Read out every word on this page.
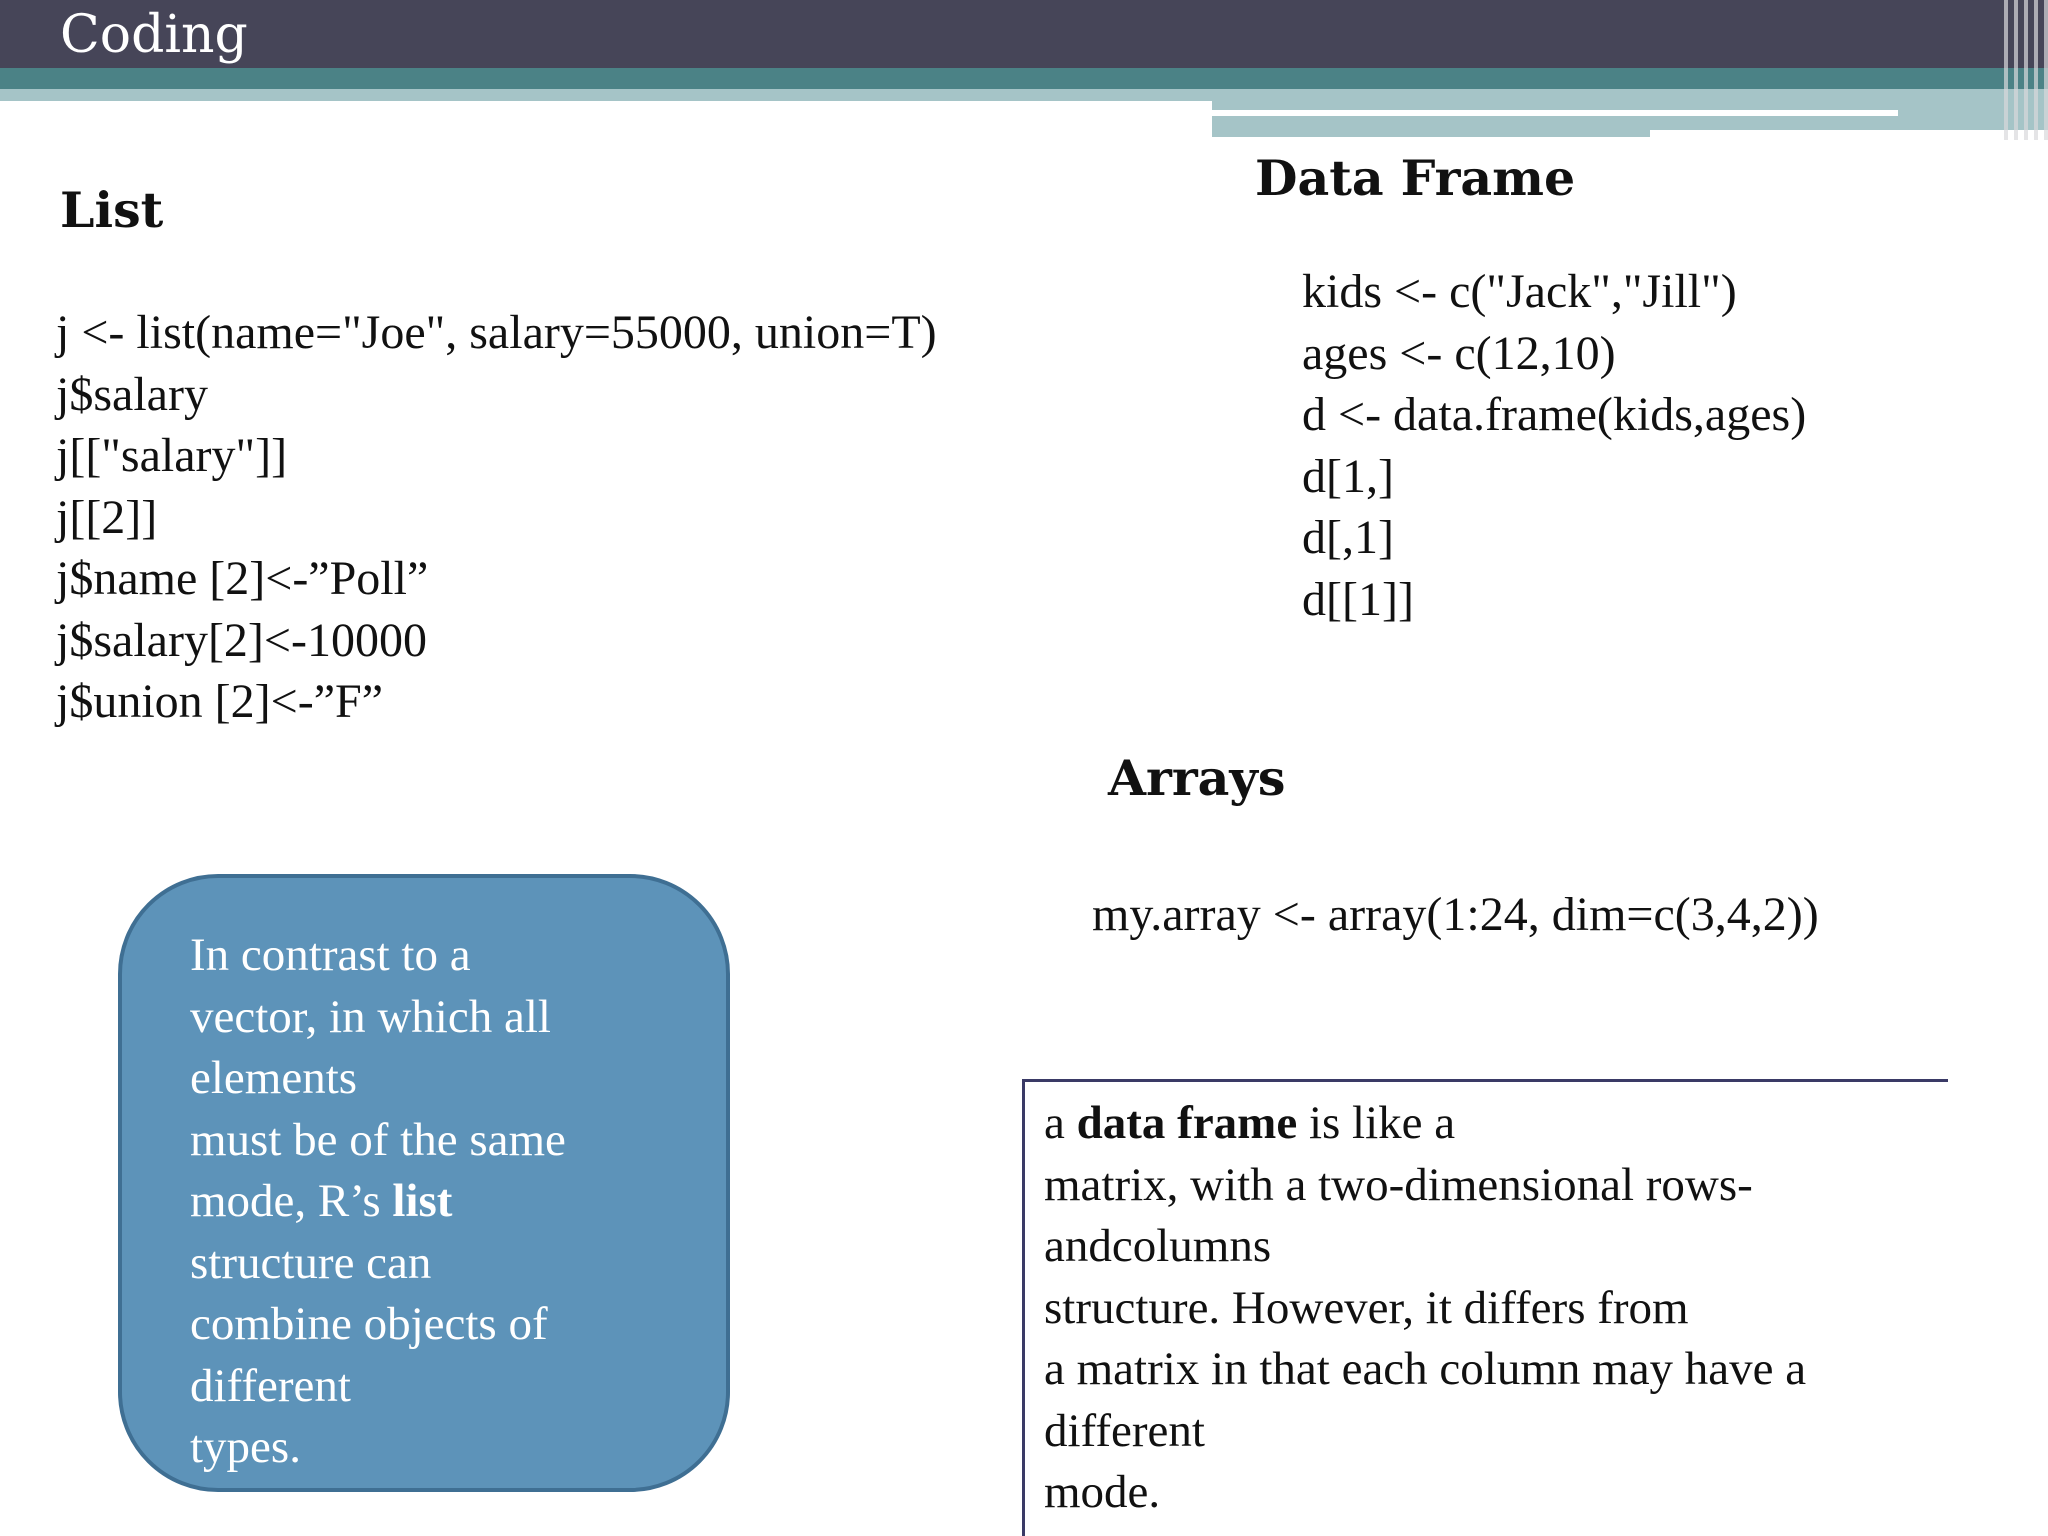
Coding
List
j <- list(name="Joe", salary=55000, union=T)
j$salary
j[["salary"]]
j[[2]]
j$name [2]<-”Poll”
j$salary[2]<-10000
j$union [2]<-”F”
Data Frame
kids <- c("Jack","Jill")
ages <- c(12,10)
d <- data.frame(kids,ages)
d[1,]
d[,1]
d[[1]]
Arrays
my.array <- array(1:24, dim=c(3,4,2))
In contrast to a
vector, in which all
elements
must be of the same
mode, R’s list
structure can
combine objects of
different
types.
a data frame is like a
matrix, with a two-dimensional rows-
andcolumns
structure. However, it differs from
a matrix in that each column may have a
different
mode.
